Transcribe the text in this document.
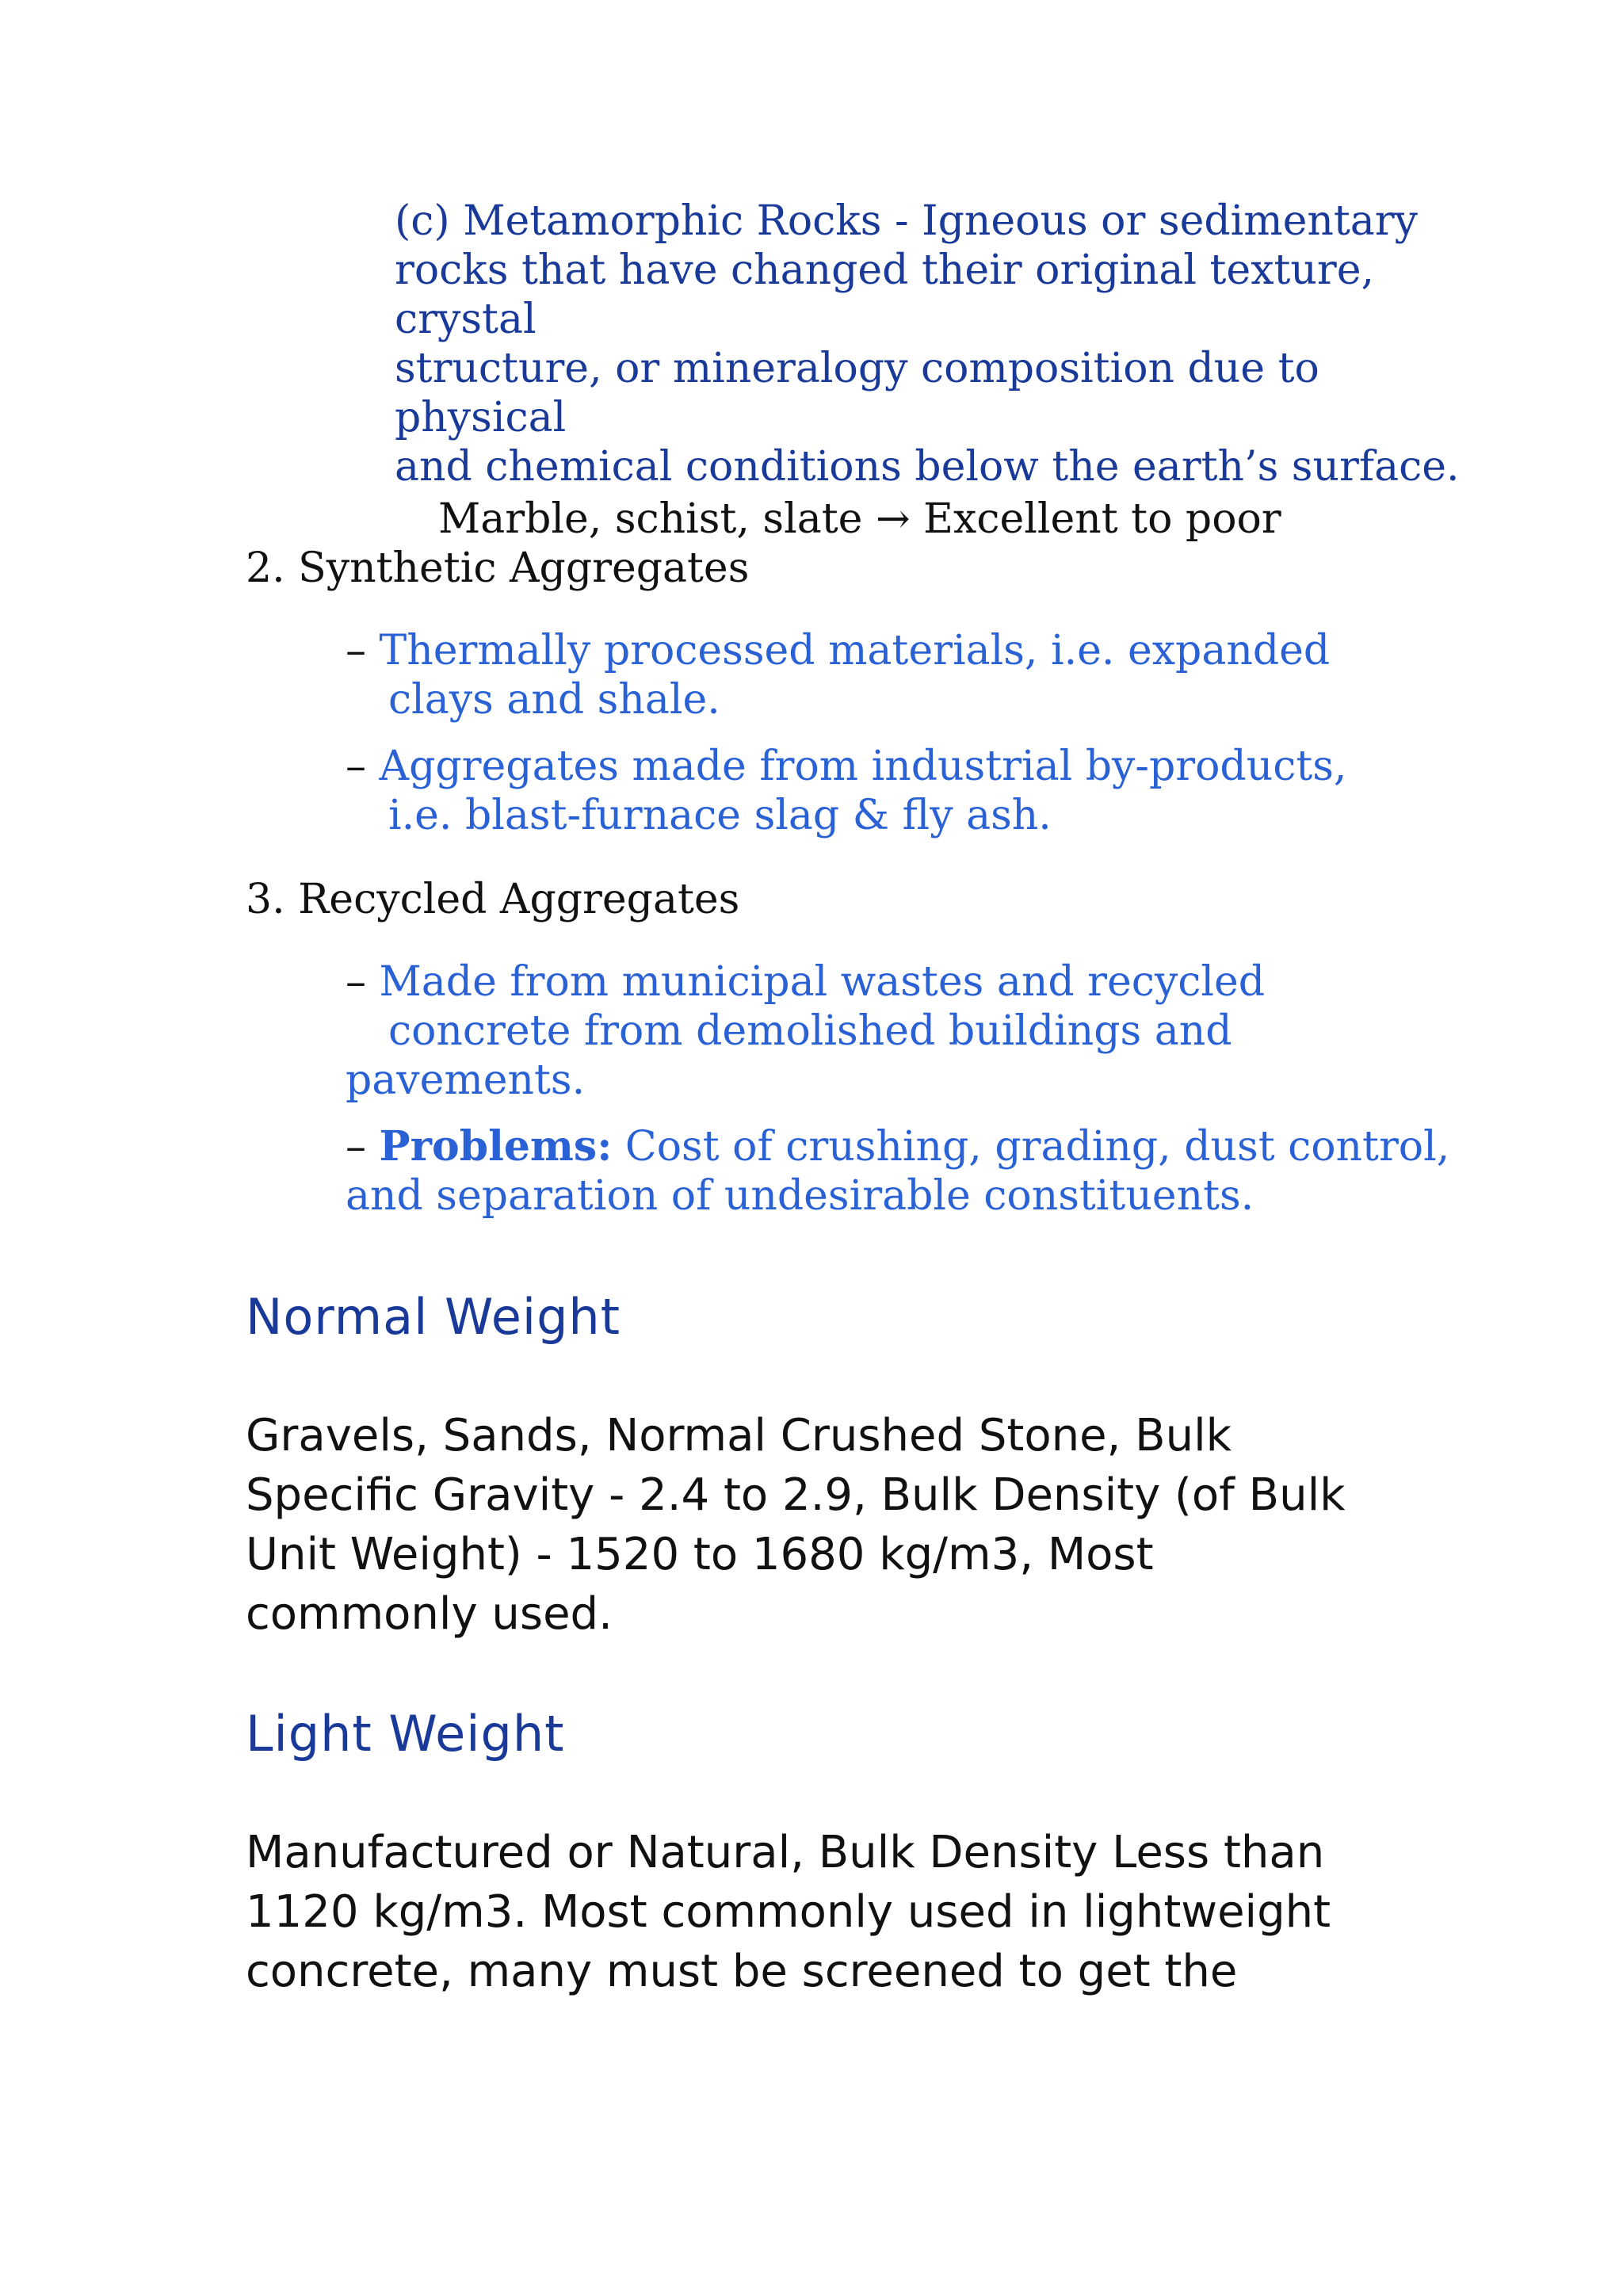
(c) Metamorphic Rocks - Igneous or sedimentary
rocks that have changed their original texture,
crystal
structure, or mineralogy composition due to
physical
and chemical conditions below the earth’s surface.
Marble, schist, slate → Excellent to poor
2. Synthetic Aggregates
– Thermally processed materials, i.e. expanded
clays and shale.
– Aggregates made from industrial by-products,
i.e. blast-furnace slag & fly ash.
3. Recycled Aggregates
– Made from municipal wastes and recycled
concrete from demolished buildings and
pavements.
– Problems: Cost of crushing, grading, dust control,
and separation of undesirable constituents.
Normal Weight
Gravels, Sands, Normal Crushed Stone, Bulk
Specific Gravity - 2.4 to 2.9, Bulk Density (of Bulk
Unit Weight) - 1520 to 1680 kg/m3, Most
commonly used.
Light Weight
Manufactured or Natural, Bulk Density Less than
1120 kg/m3. Most commonly used in lightweight
concrete, many must be screened to get the
